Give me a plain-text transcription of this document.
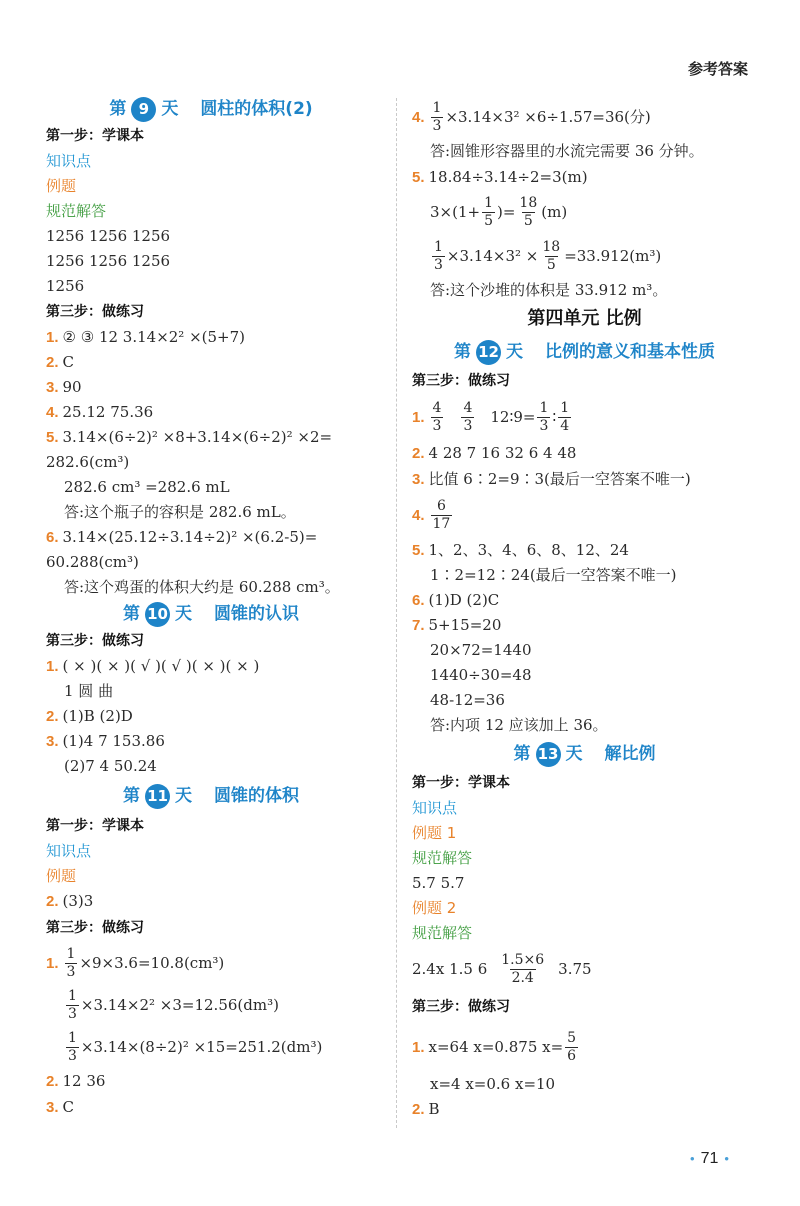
参考答案
第 9 天 圆柱的体积(2)
第一步：学课本
知识点
例题
规范解答
1256 1256 1256
1256 1256 1256
1256
第三步：做练习
1. ② ③ 12 3.14×2² ×(5+7)
2. C
3. 90
4. 25.12 75.36
5. 3.14×(6÷2)² ×8+3.14×(6÷2)² ×2=
282.6(cm³)
282.6 cm³ =282.6 mL
答:这个瓶子的容积是 282.6 mL。
6. 3.14×(25.12÷3.14÷2)² ×(6.2-5)=
60.288(cm³)
答:这个鸡蛋的体积大约是 60.288 cm³。
第 10 天 圆锥的认识
第三步：做练习
1. ( × )( × )( √ )( √ )( × )( × )
1 圆 曲
2. (1)B (2)D
3. (1)4 7 153.86
(2)7 4 50.24
第 11 天 圆锥的体积
第一步：学课本
知识点
例题
2. (3)3
第三步：做练习
1. $\frac{1}{3} \times 9\times 3.6=10.8(cm^3)$
$\frac{1}{3} \times 3.14\times 2^2 \times 3=12.56(dm^3)$
$\frac{1}{3} \times 3.14\times(8\div 2)^2 \times 15=251.2(dm^3)$
2. 12 36
3. C
4. $\frac{1}{3} \times 3.14\times 3^2 \times 6\div 1.57=36$(分)
答:圆锥形容器里的水流完需要 36 分钟。
5. 18.84÷3.14÷2=3(m)
$3\times(1+ \frac{1}{5}$ )= $\frac{18}{5} (m)$
$\frac{1}{3} \times 3.14\times 3^2 \times \frac{18}{5} =33.912(m^3)$
答:这个沙堆的体积是 33.912 m³。
第四单元 比例
第 12 天 比例的意义和基本性质
第三步：做练习
1. $\frac{4}{3} \frac{4}{3}$ 12∶9= $\frac{1}{3}$ ∶ $\frac{1}{4}$
2. 4 28 7 16 32 6 4 48
3. 比值 6∶2=9∶3(最后一空答案不唯一)
4. $\frac{6}{17}$
5. 1、2、3、4、6、8、12、24
1∶2=12∶24(最后一空答案不唯一)
6. (1)D (2)C
7. 5+15=20
20×72=1440
1440÷30=48
48-12=36
答:内项 12 应该加上 36。
第 13 天 解比例
第一步：学课本
知识点
例题 1
规范解答
5.7 5.7
例题 2
规范解答
2.4x 1.5 $6 \frac{1.5\times 6}{2.4} 3.75$
第三步：做练习
1. x=64 x=0.875 $x= \frac{5}{6}$
x=4 x=0.6 x=10
2. B
• 71 •
